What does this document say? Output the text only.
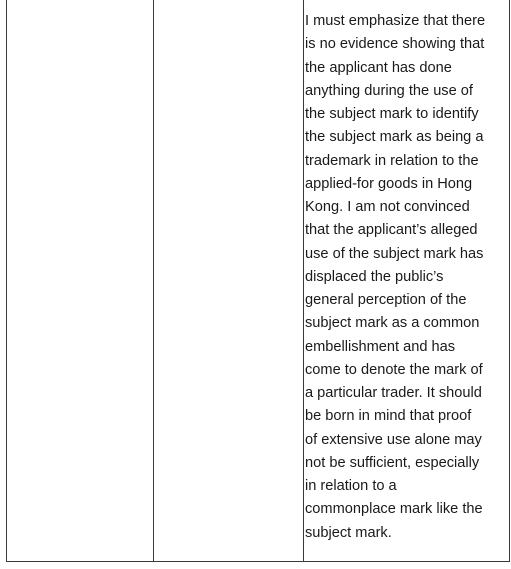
I must emphasize that there
is no evidence showing that
the applicant has done
anything during the use of
the subject mark to identify
the subject mark as being a
trademark in relation to the
applied-for goods in Hong
Kong. I am not convinced
that the applicant’s alleged
use of the subject mark has
displaced the public’s
general perception of the
subject mark as a common
embellishment and has
come to denote the mark of
a particular trader. It should
be born in mind that proof
of extensive use alone may
not be sufficient, especially
in relation to a
commonplace mark like the
subject mark.
